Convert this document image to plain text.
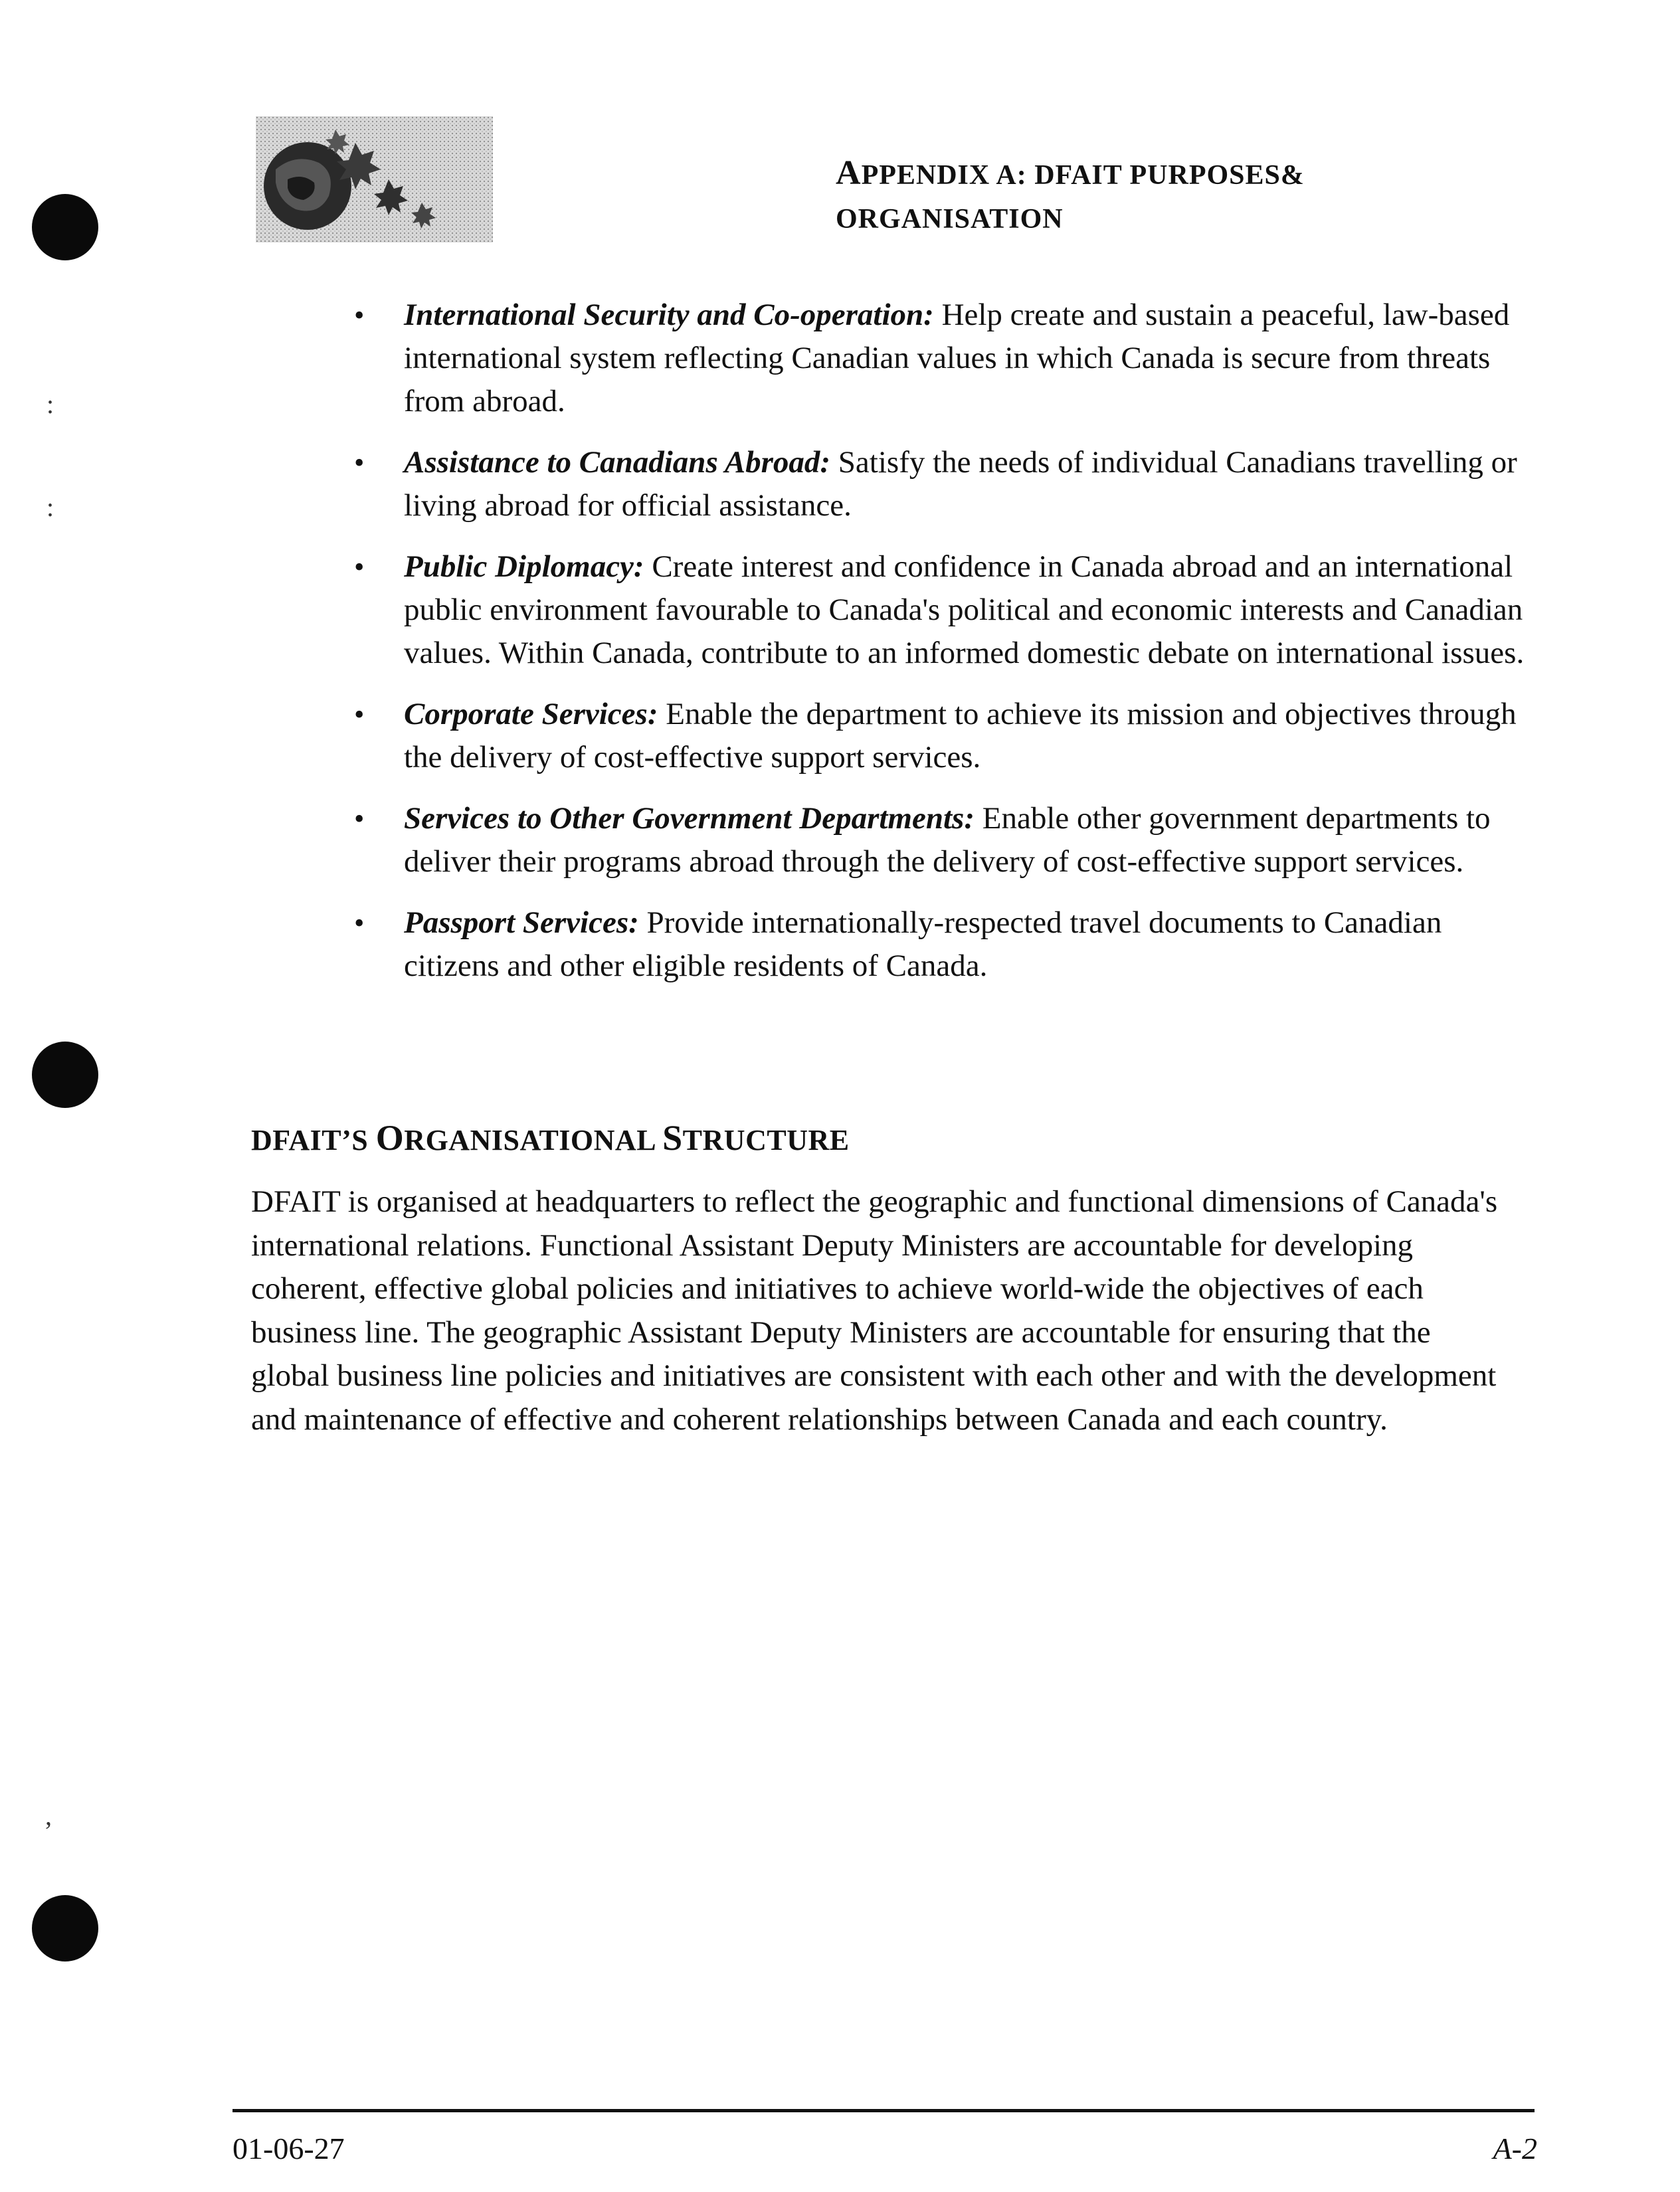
:
:
,
APPENDIX A: DFAIT PURPOSES&
ORGANISATION
• International Security and Co-operation: Help create and sustain a peaceful, law-based international system reflecting Canadian values in which Canada is secure from threats from abroad.
• Assistance to Canadians Abroad: Satisfy the needs of individual Canadians travelling or living abroad for official assistance.
• Public Diplomacy: Create interest and confidence in Canada abroad and an international public environment favourable to Canada's political and economic interests and Canadian values. Within Canada, contribute to an informed domestic debate on international issues.
• Corporate Services: Enable the department to achieve its mission and objectives through the delivery of cost-effective support services.
• Services to Other Government Departments: Enable other government departments to deliver their programs abroad through the delivery of cost-effective support services.
• Passport Services: Provide internationally-respected travel documents to Canadian citizens and other eligible residents of Canada.
DFAIT’S ORGANISATIONAL STRUCTURE

DFAIT is organised at headquarters to reflect the geographic and functional dimensions of Canada's international relations. Functional Assistant Deputy Ministers are accountable for developing coherent, effective global policies and initiatives to achieve world-wide the objectives of each business line. The geographic Assistant Deputy Ministers are accountable for ensuring that the global business line policies and initiatives are consistent with each other and with the development and maintenance of effective and coherent relationships between Canada and each country.

01-06-27	A-2
